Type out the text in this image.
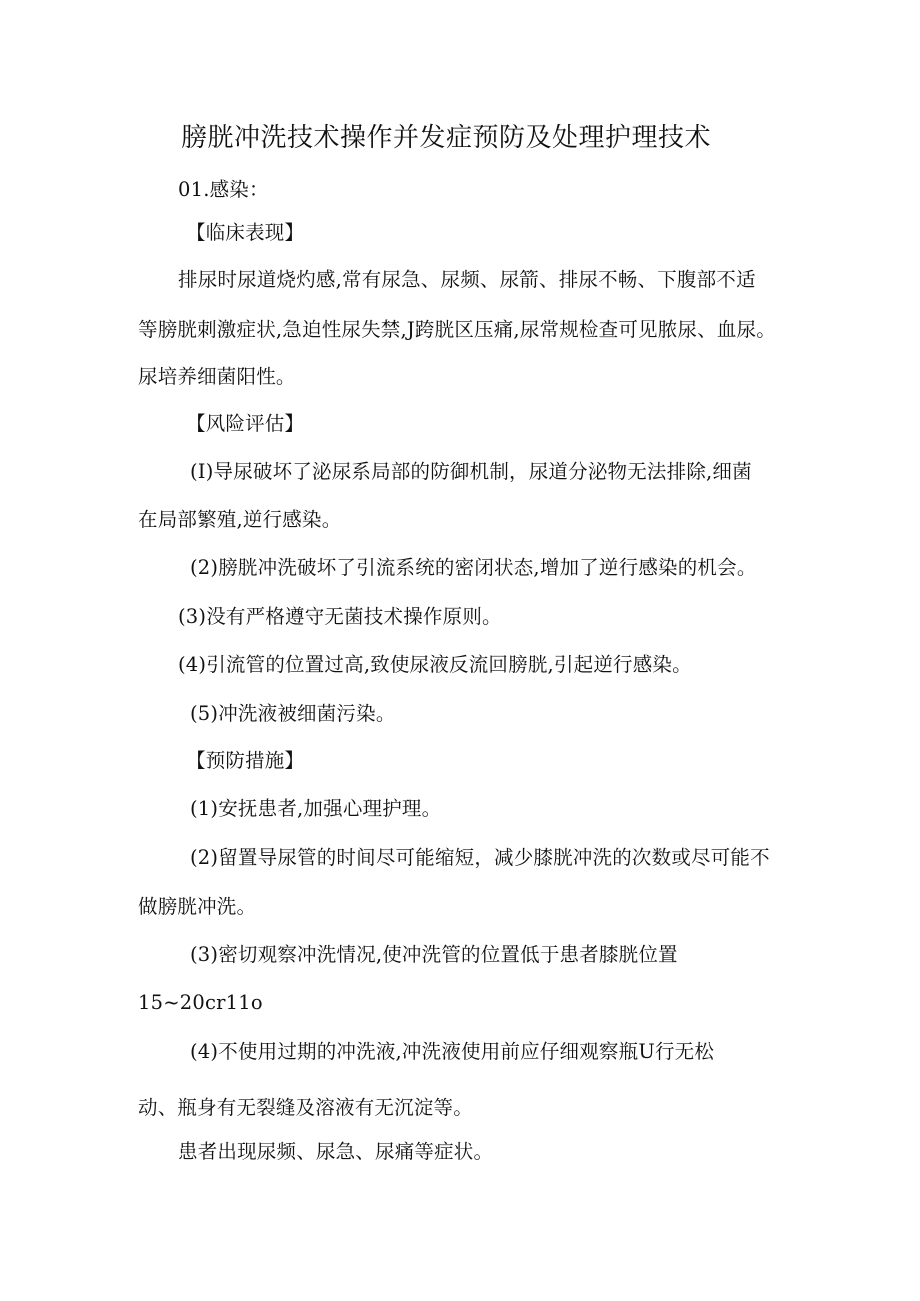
膀胱冲洗技术操作并发症预防及处理护理技术
01.感染：
【临床表现】
排尿时尿道烧灼感,常有尿急、尿频、尿箭、排尿不畅、下腹部不适
等膀胱刺激症状,急迫性尿失禁,J跨胱区压痛,尿常规检查可见脓尿、血尿。
尿培养细菌阳性。
【风险评估】
(I)导尿破坏了泌尿系局部的防御机制，尿道分泌物无法排除,细菌
在局部繁殖,逆行感染。
(2)膀胱冲洗破坏了引流系统的密闭状态,增加了逆行感染的机会。
(3)没有严格遵守无菌技术操作原则。
(4)引流管的位置过高,致使尿液反流回膀胱,引起逆行感染。
(5)冲洗液被细菌污染。
【预防措施】
(1)安抚患者,加强心理护理。
(2)留置导尿管的时间尽可能缩短，减少膝胱冲洗的次数或尽可能不
做膀胱冲洗。
(3)密切观察冲洗情况,使冲洗管的位置低于患者膝胱位置
15~20cr11o
(4)不使用过期的冲洗液,冲洗液使用前应仔细观察瓶U行无松
动、瓶身有无裂缝及溶液有无沉淀等。
患者出现尿频、尿急、尿痛等症状。
